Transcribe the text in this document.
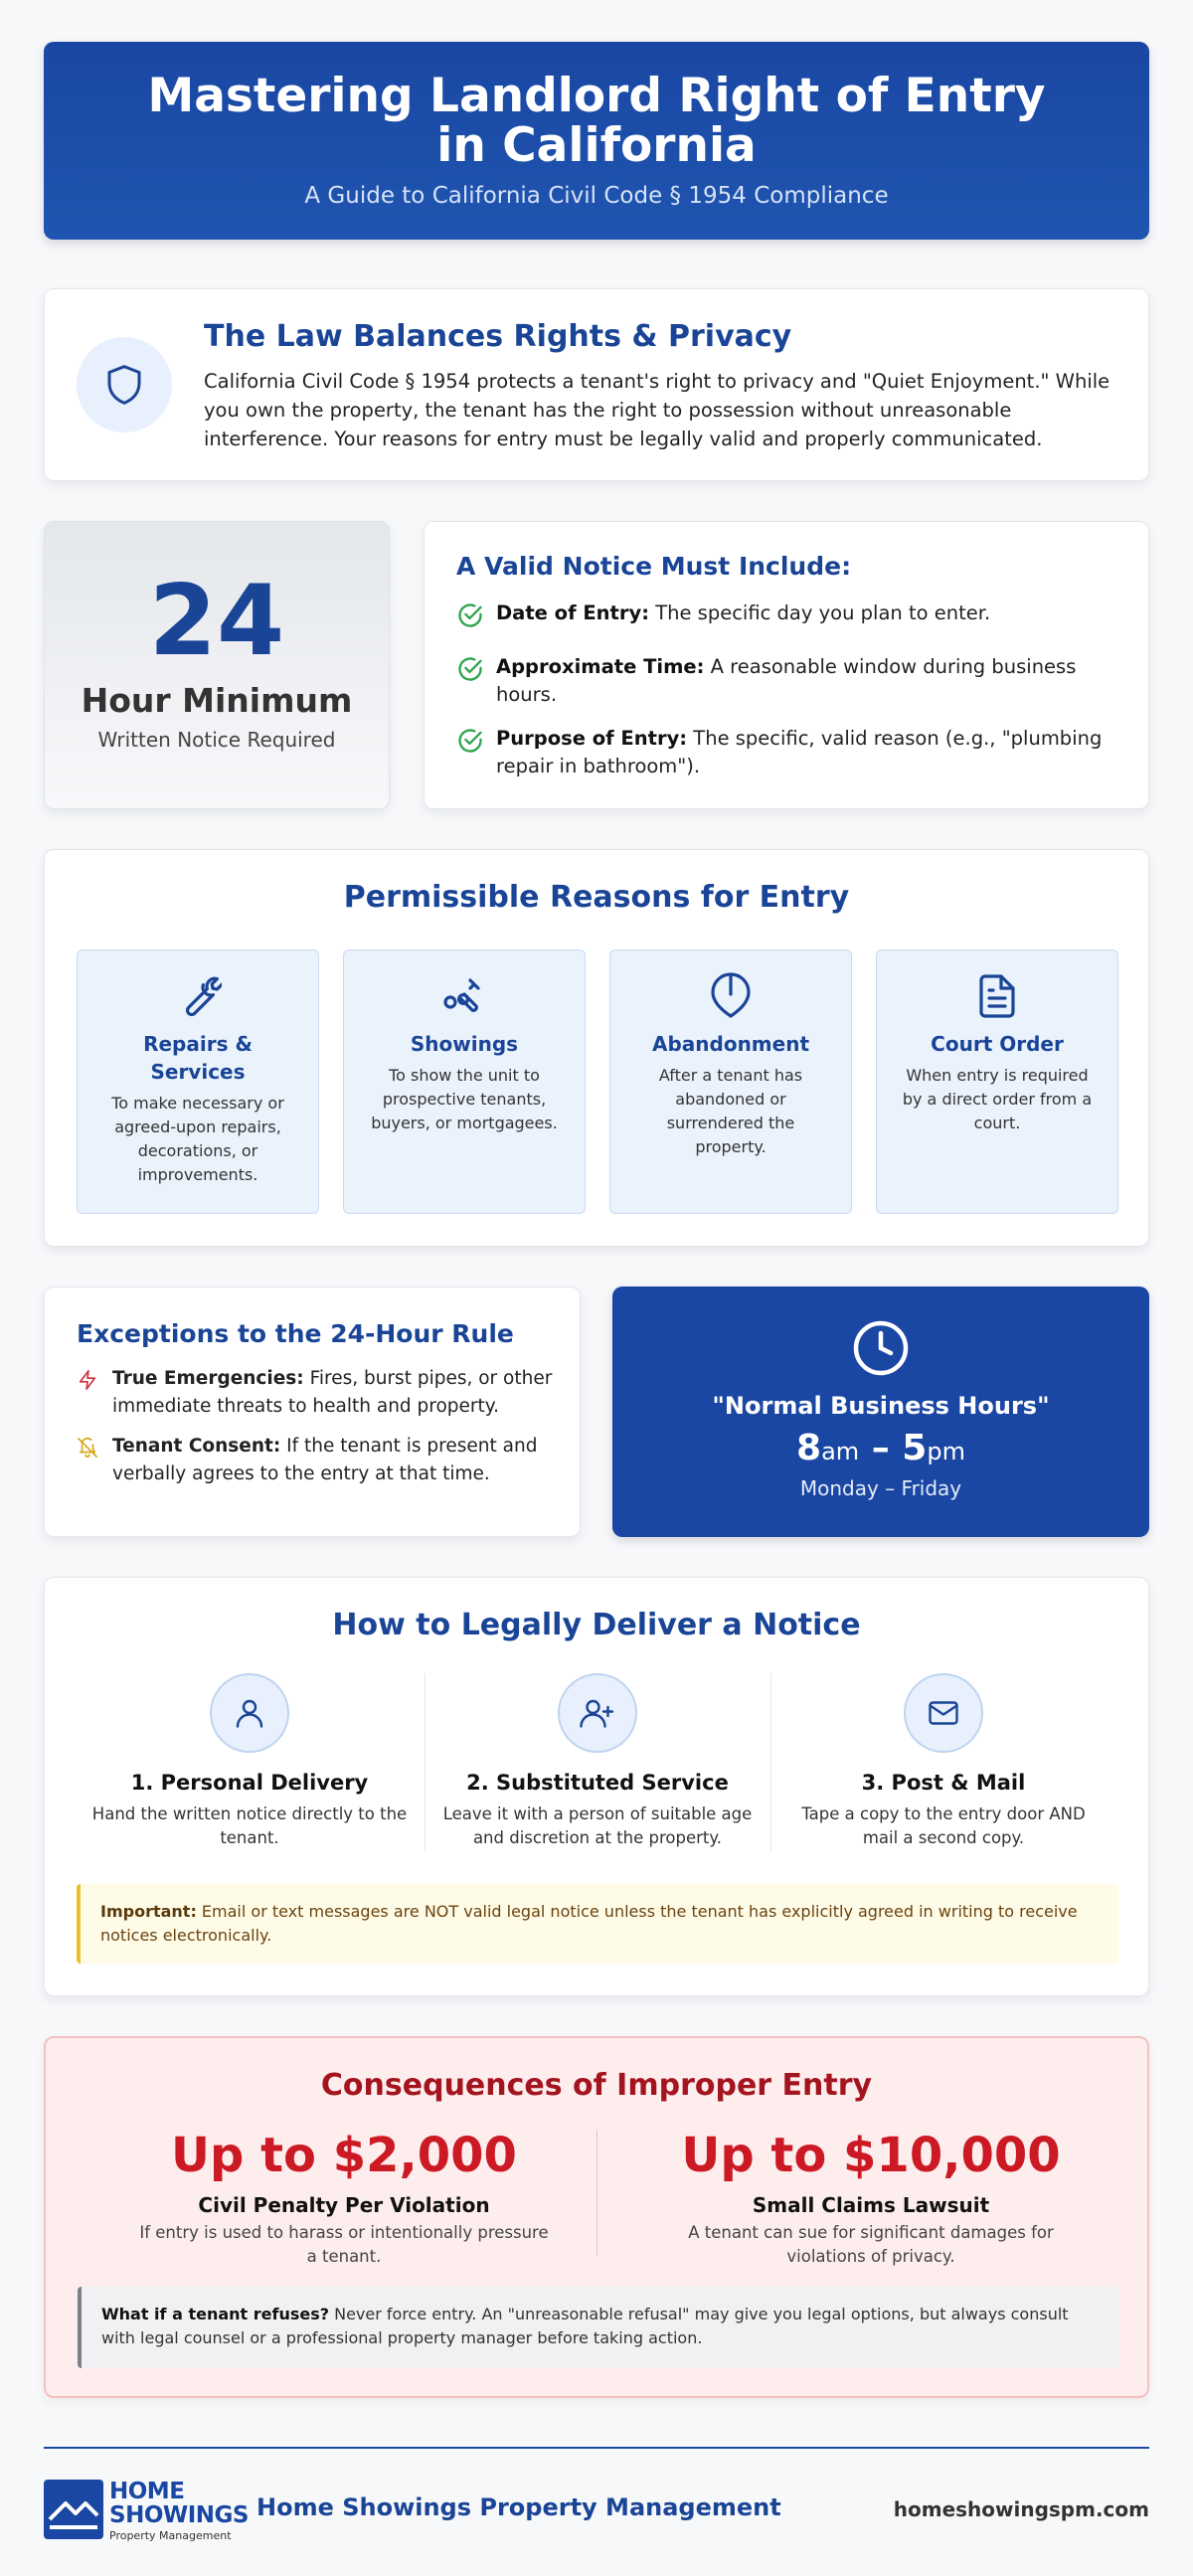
Mastering Landlord Right of Entry in California

A Guide to California Civil Code § 1954 Compliance

The Law Balances Rights & Privacy
California Civil Code § 1954 protects a tenant's right to privacy and "Quiet Enjoyment." While you own the property, the tenant has the right to possession without unreasonable interference. Your reasons for entry must be legally valid and properly communicated.
24
Hour Minimum
Written Notice Required
A Valid Notice Must Include:
Date of Entry: The specific day you plan to enter.
Approximate Time: A reasonable window during business hours.
Purpose of Entry: The specific, valid reason (e.g., "plumbing repair in bathroom").
Permissible Reasons for Entry
Repairs & Services
To make necessary or agreed-upon repairs, decorations, or improvements.
Showings
To show the unit to prospective tenants, buyers, or mortgagees.
Abandonment
After a tenant has abandoned or surrendered the property.
Court Order
When entry is required by a direct order from a court.
Exceptions to the 24-Hour Rule
True Emergencies: Fires, burst pipes, or other immediate threats to health and property.
Tenant Consent: If the tenant is present and verbally agrees to the entry at that time.
"Normal Business Hours"
8am – 5pm
Monday – Friday
How to Legally Deliver a Notice
1. Personal Delivery
Hand the written notice directly to the tenant.
2. Substituted Service
Leave it with a person of suitable age and discretion at the property.
3. Post & Mail
Tape a copy to the entry door AND mail a second copy.
Important: Email or text messages are NOT valid legal notice unless the tenant has explicitly agreed in writing to receive notices electronically.
Consequences of Improper Entry
Up to $2,000
Civil Penalty Per Violation
If entry is used to harass or intentionally pressure a tenant.
Up to $10,000
Small Claims Lawsuit
A tenant can sue for significant damages for violations of privacy.
What if a tenant refuses? Never force entry. An "unreasonable refusal" may give you legal options, but always consult with legal counsel or a professional property manager before taking action.
HOME
SHOWINGS
Property Management
Home Showings Property Management	homeshowingspm.com
